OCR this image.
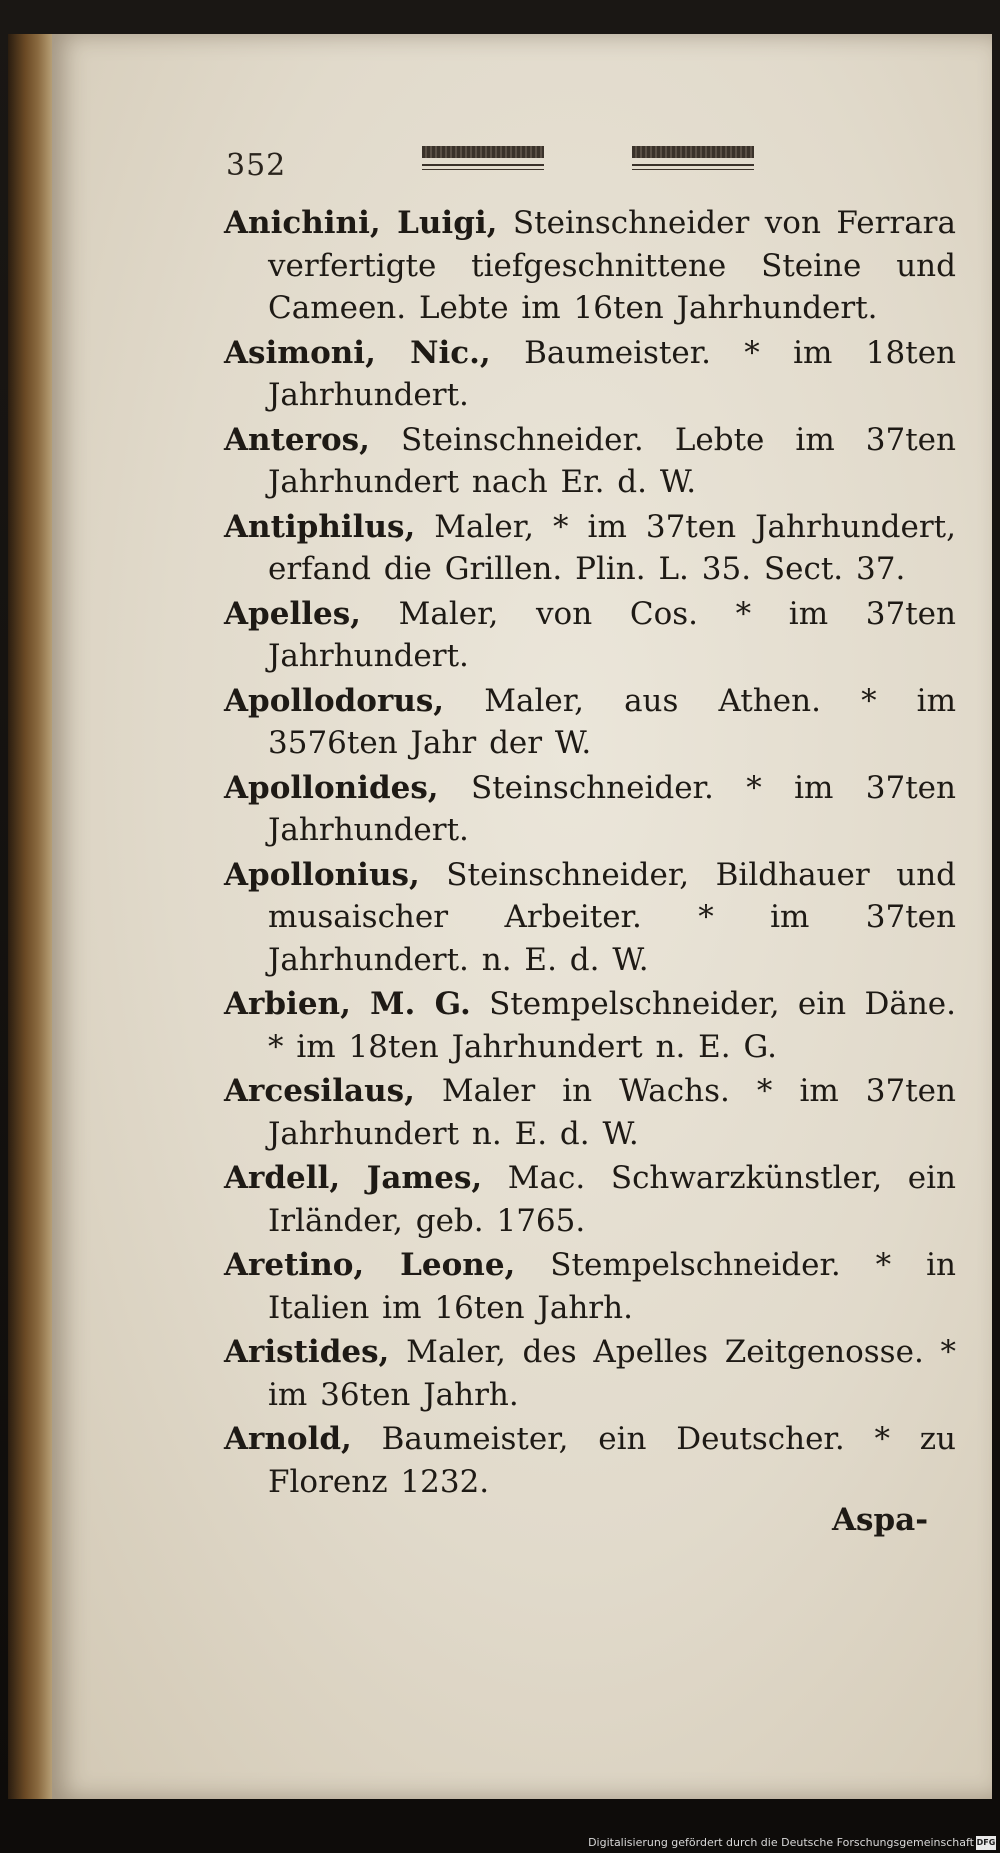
352

Anichini, Luigi, Steinschneider von Ferrara verfertigte tiefgeschnittene Steine und Cameen. Lebte im 16ten Jahrhundert.

Asimoni, Nic., Baumeister. * im 18ten Jahrhundert.

Anteros, Steinschneider. Lebte im 37ten Jahrhundert nach Er. d. W.

Antiphilus, Maler, * im 37ten Jahrhundert, erfand die Grillen. Plin. L. 35. Sect. 37.

Apelles, Maler, von Cos. * im 37ten Jahrhundert.

Apollodorus, Maler, aus Athen. * im 3576ten Jahr der W.

Apollonides, Steinschneider. * im 37ten Jahrhundert.

Apollonius, Steinschneider, Bildhauer und musaischer Arbeiter. * im 37ten Jahrhundert. n. E. d. W.

Arbien, M. G. Stempelschneider, ein Däne. * im 18ten Jahrhundert n. E. G.

Arcesilaus, Maler in Wachs. * im 37ten Jahrhundert n. E. d. W.

Ardell, James, Mac. Schwarzkünstler, ein Irländer, geb. 1765.

Aretino, Leone, Stempelschneider. * in Italien im 16ten Jahrh.

Aristides, Maler, des Apelles Zeitgenosse. * im 36ten Jahrh.

Arnold, Baumeister, ein Deutscher. * zu Florenz 1232.

Aspa-
Digitalisierung gefördert durch die Deutsche Forschungsgemeinschaft DFG
